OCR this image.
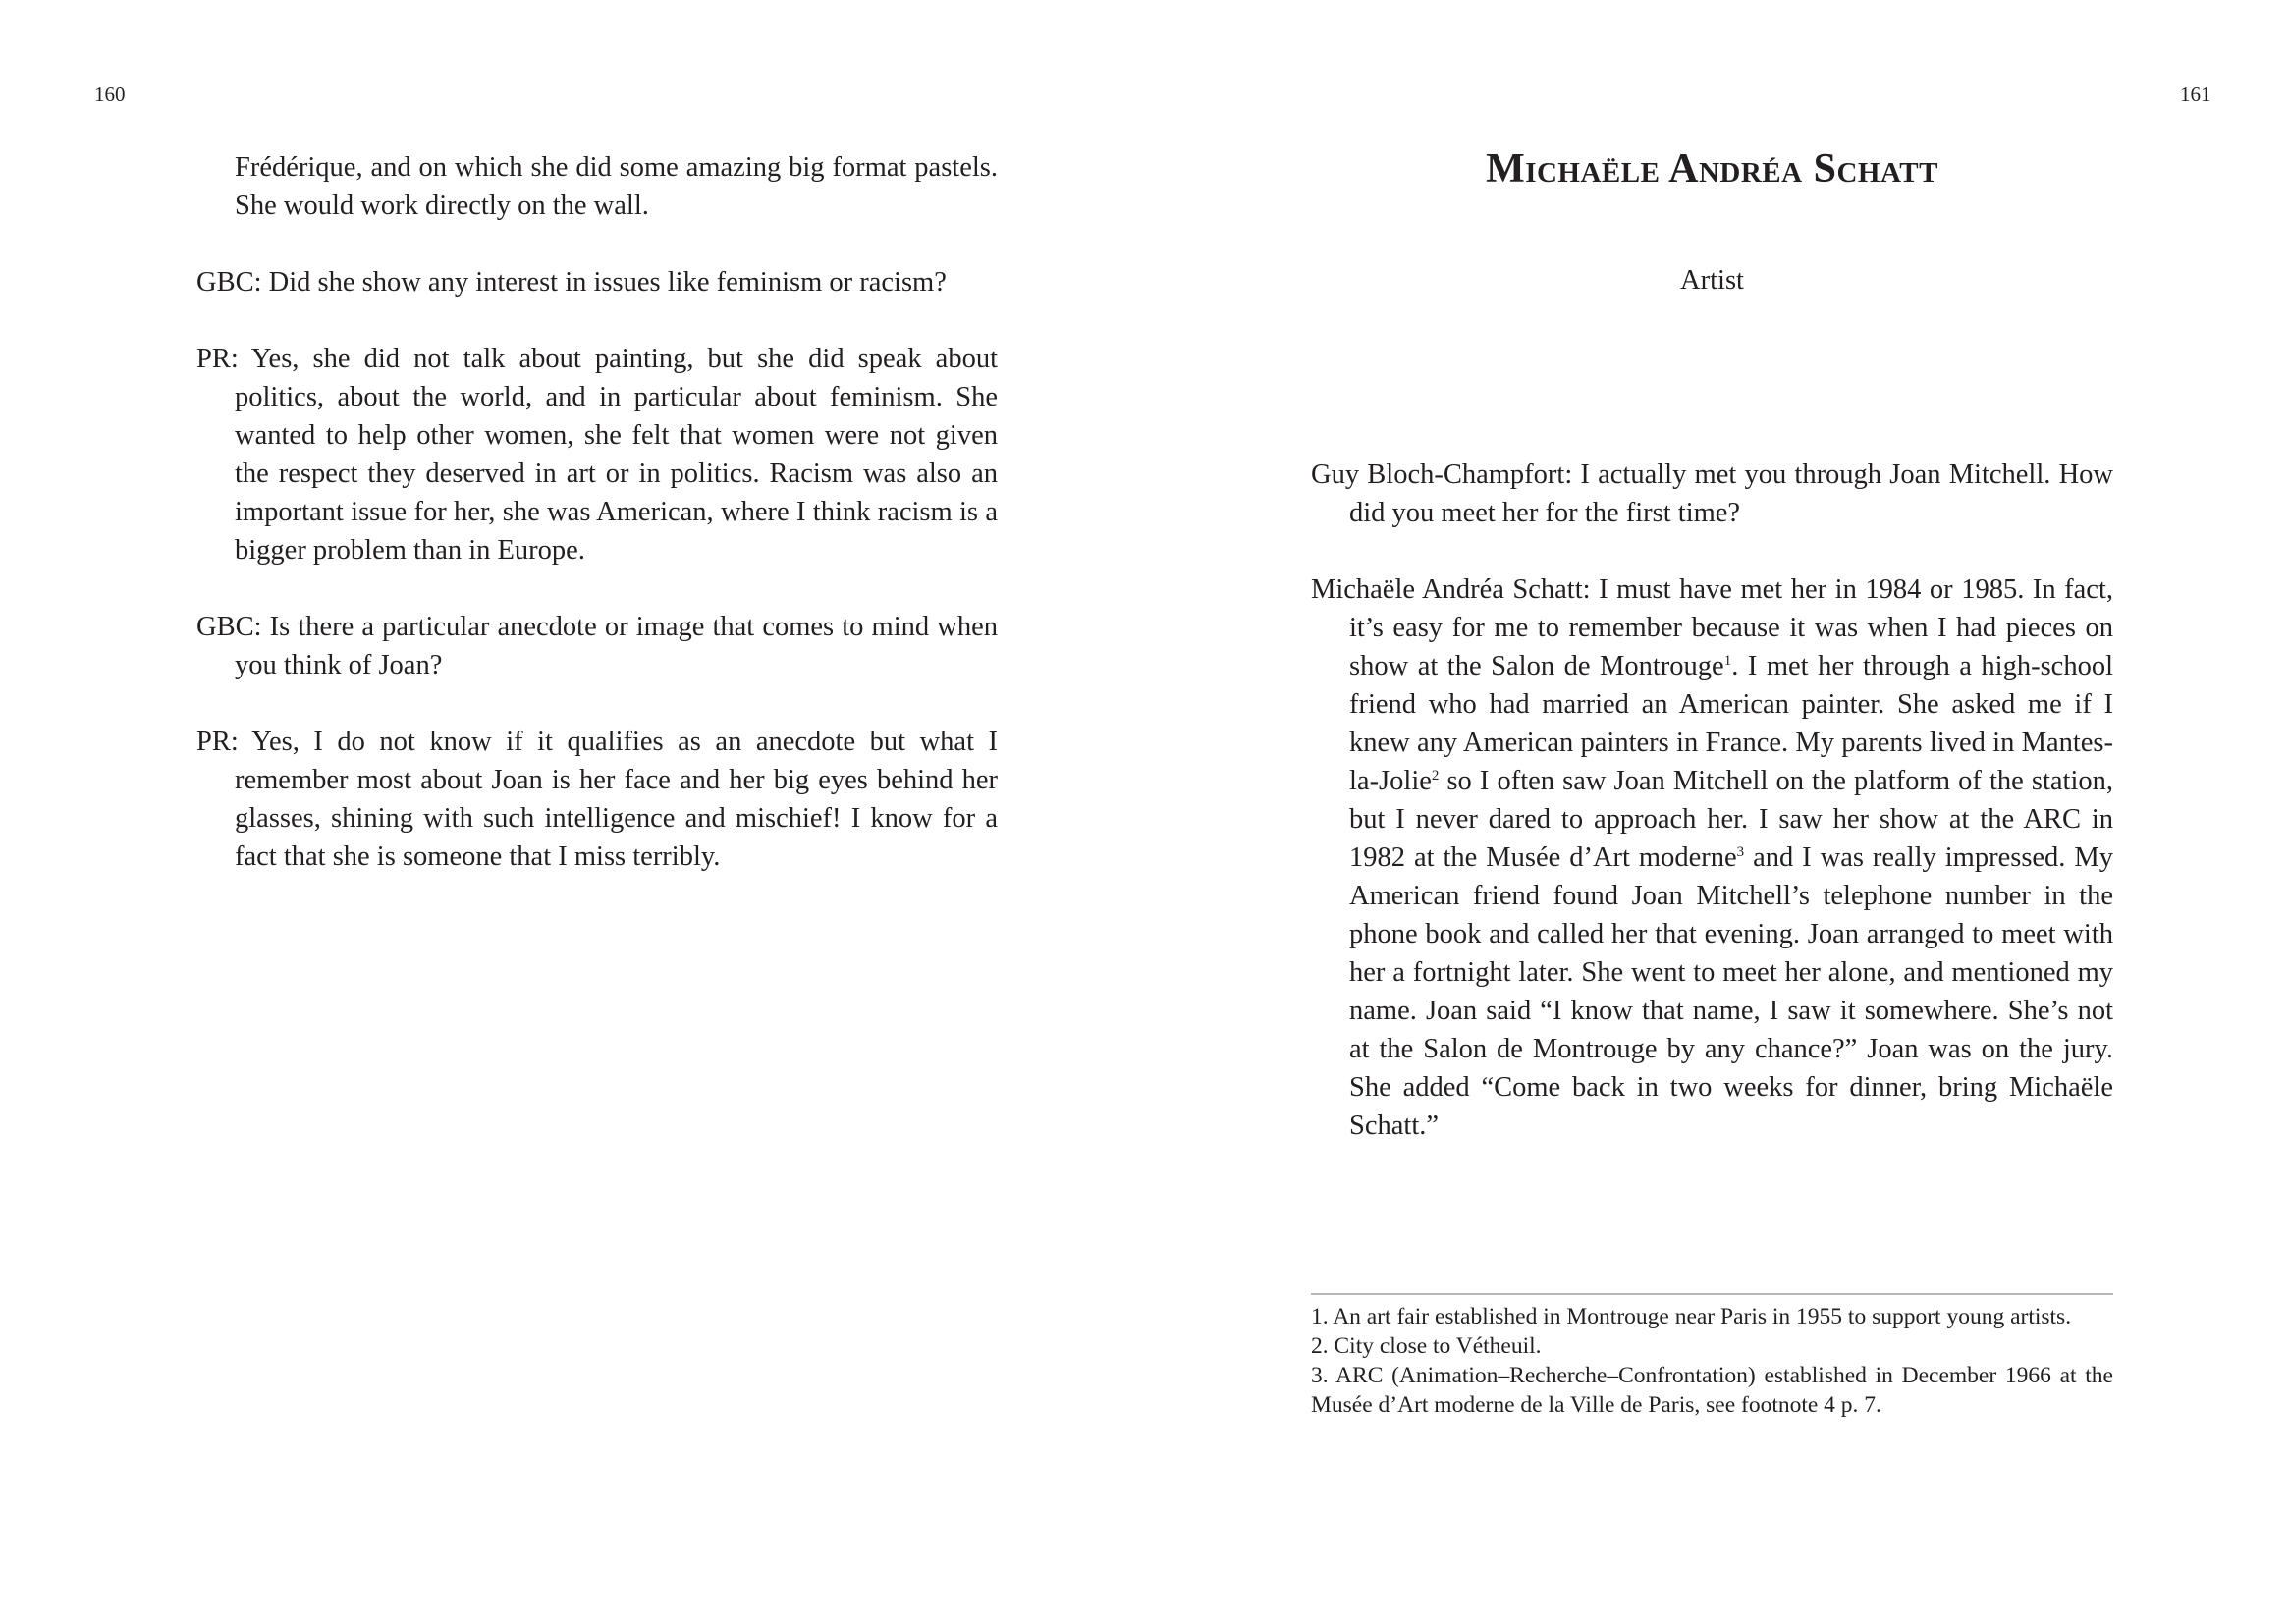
160	161

Frédérique, and on which she did some amazing big format pastels. She would work directly on the wall.

GBC: Did she show any interest in issues like feminism or racism?

PR: Yes, she did not talk about painting, but she did speak about politics, about the world, and in particular about feminism. She wanted to help other women, she felt that women were not given the respect they deserved in art or in politics. Racism was also an important issue for her, she was American, where I think racism is a bigger problem than in Europe.

GBC: Is there a particular anecdote or image that comes to mind when you think of Joan?

PR: Yes, I do not know if it qualifies as an anecdote but what I remember most about Joan is her face and her big eyes behind her glasses, shining with such intelligence and mischief! I know for a fact that she is someone that I miss terribly.

Michaële Andréa Schatt
Artist

Guy Bloch-Champfort: I actually met you through Joan Mitchell. How did you meet her for the first time?

Michaële Andréa Schatt: I must have met her in 1984 or 1985. In fact, it’s easy for me to remember because it was when I had pieces on show at the Salon de Montrouge$^1$. I met her through a high-school friend who had married an American painter. She asked me if I knew any American painters in France. My parents lived in Mantes-la-Jolie$^2$ so I often saw Joan Mitchell on the platform of the station, but I never dared to approach her. I saw her show at the ARC in 1982 at the Musée d’Art moderne$^3$ and I was really impressed. My American friend found Joan Mitchell’s telephone number in the phone book and called her that evening. Joan arranged to meet with her a fortnight later. She went to meet her alone, and mentioned my name. Joan said “I know that name, I saw it somewhere. She’s not at the Salon de Montrouge by any chance?” Joan was on the jury. She added “Come back in two weeks for dinner, bring Michaële Schatt.”

1. An art fair established in Montrouge near Paris in 1955 to support young artists.

2. City close to Vétheuil.

3. ARC (Animation–Recherche–Confrontation) established in December 1966 at the Musée d’Art moderne de la Ville de Paris, see footnote 4 p. 7.
